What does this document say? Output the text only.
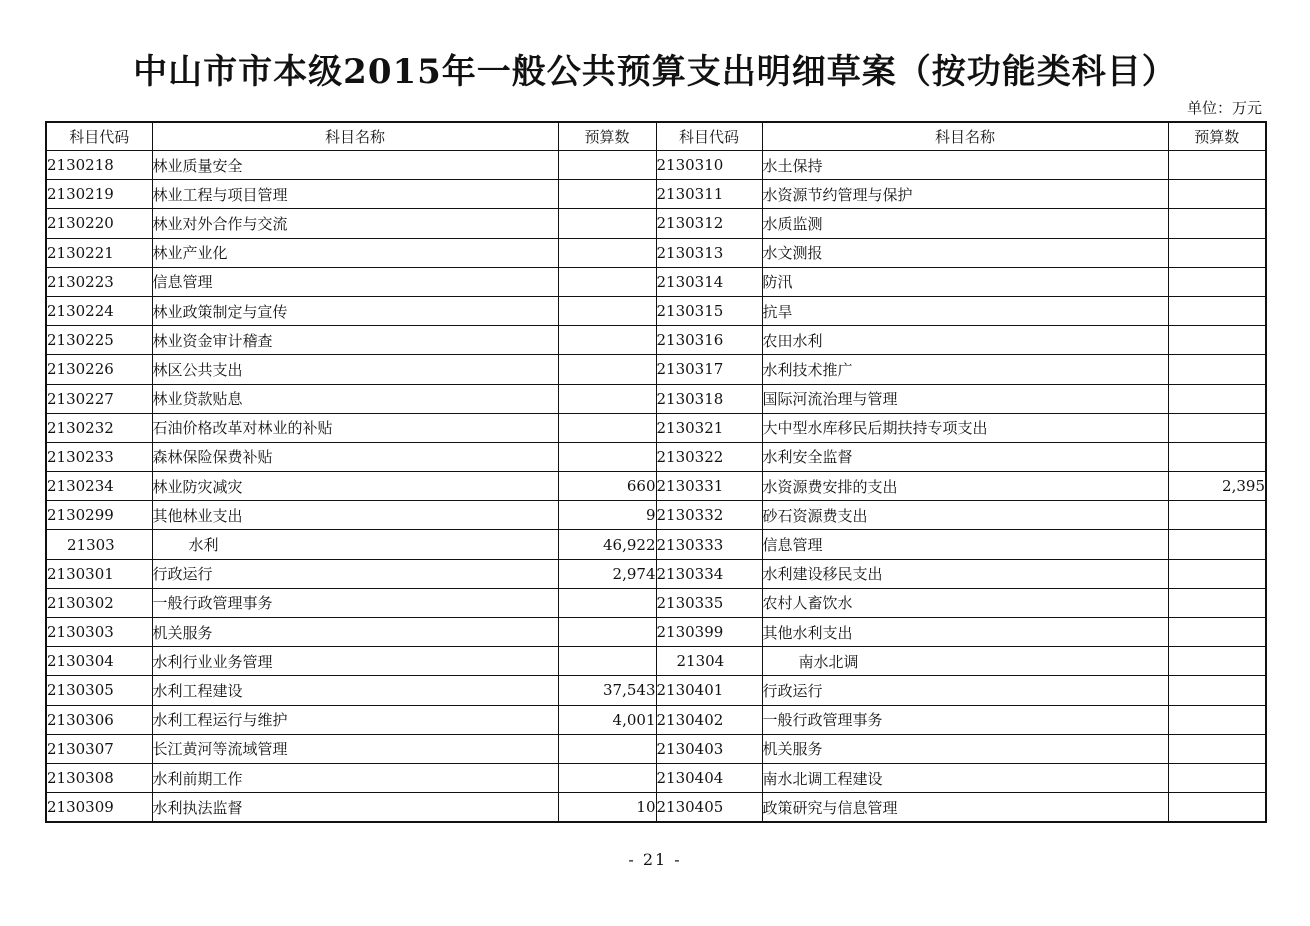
中山市市本级2015年一般公共预算支出明细草案（按功能类科目）
单位：万元
科目代码	科目名称	预算数	科目代码	科目名称	预算数
2130218	林业质量安全		2130310	水土保持	
2130219	林业工程与项目管理		2130311	水资源节约管理与保护	
2130220	林业对外合作与交流		2130312	水质监测	
2130221	林业产业化		2130313	水文测报	
2130223	信息管理		2130314	防汛	
2130224	林业政策制定与宣传		2130315	抗旱	
2130225	林业资金审计稽查		2130316	农田水利	
2130226	林区公共支出		2130317	水利技术推广	
2130227	林业贷款贴息		2130318	国际河流治理与管理	
2130232	石油价格改革对林业的补贴		2130321	大中型水库移民后期扶持专项支出	
2130233	森林保险保费补贴		2130322	水利安全监督	
2130234	林业防灾减灾	660	2130331	水资源费安排的支出	2,395
2130299	其他林业支出	9	2130332	砂石资源费支出	
21303	水利	46,922	2130333	信息管理	
2130301	行政运行	2,974	2130334	水利建设移民支出	
2130302	一般行政管理事务		2130335	农村人畜饮水	
2130303	机关服务		2130399	其他水利支出	
2130304	水利行业业务管理		21304	南水北调	
2130305	水利工程建设	37,543	2130401	行政运行	
2130306	水利工程运行与维护	4,001	2130402	一般行政管理事务	
2130307	长江黄河等流域管理		2130403	机关服务	
2130308	水利前期工作		2130404	南水北调工程建设	
2130309	水利执法监督	10	2130405	政策研究与信息管理	
- 21 -
